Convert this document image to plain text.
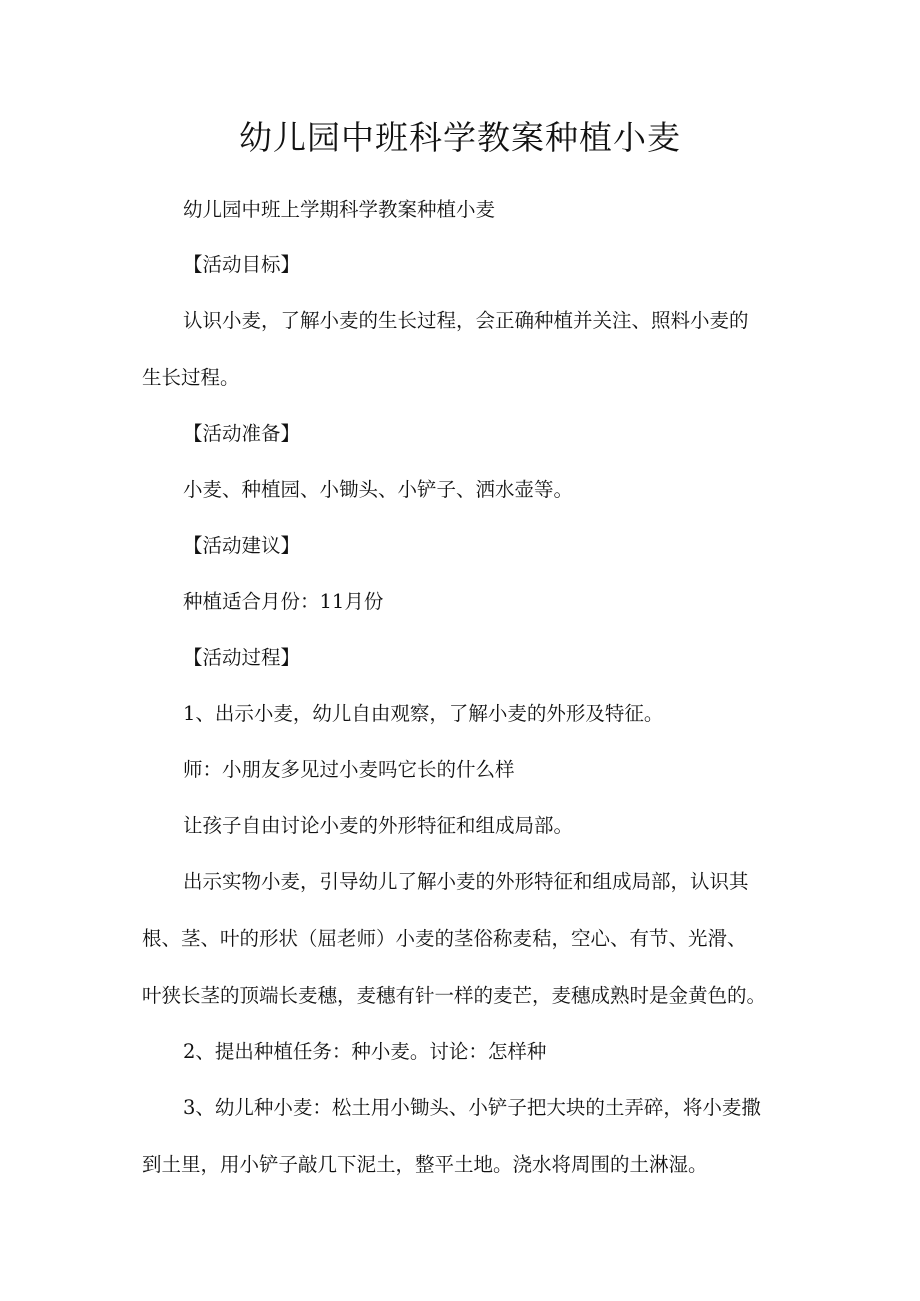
幼儿园中班科学教案种植小麦
幼儿园中班上学期科学教案种植小麦
【活动目标】
认识小麦，了解小麦的生长过程，会正确种植并关注、照料小麦的
生长过程。
【活动准备】
小麦、种植园、小锄头、小铲子、洒水壶等。
【活动建议】
种植适合月份：11月份
【活动过程】
1、出示小麦，幼儿自由观察，了解小麦的外形及特征。
师：小朋友多见过小麦吗它长的什么样
让孩子自由讨论小麦的外形特征和组成局部。
出示实物小麦，引导幼儿了解小麦的外形特征和组成局部，认识其
根、茎、叶的形状（屈老师）小麦的茎俗称麦秸，空心、有节、光滑、
叶狭长茎的顶端长麦穗，麦穗有针一样的麦芒，麦穗成熟时是金黄色的。
2、提出种植任务：种小麦。讨论：怎样种
3、幼儿种小麦：松土用小锄头、小铲子把大块的土弄碎，将小麦撒
到土里，用小铲子敲几下泥土，整平土地。浇水将周围的土淋湿。
